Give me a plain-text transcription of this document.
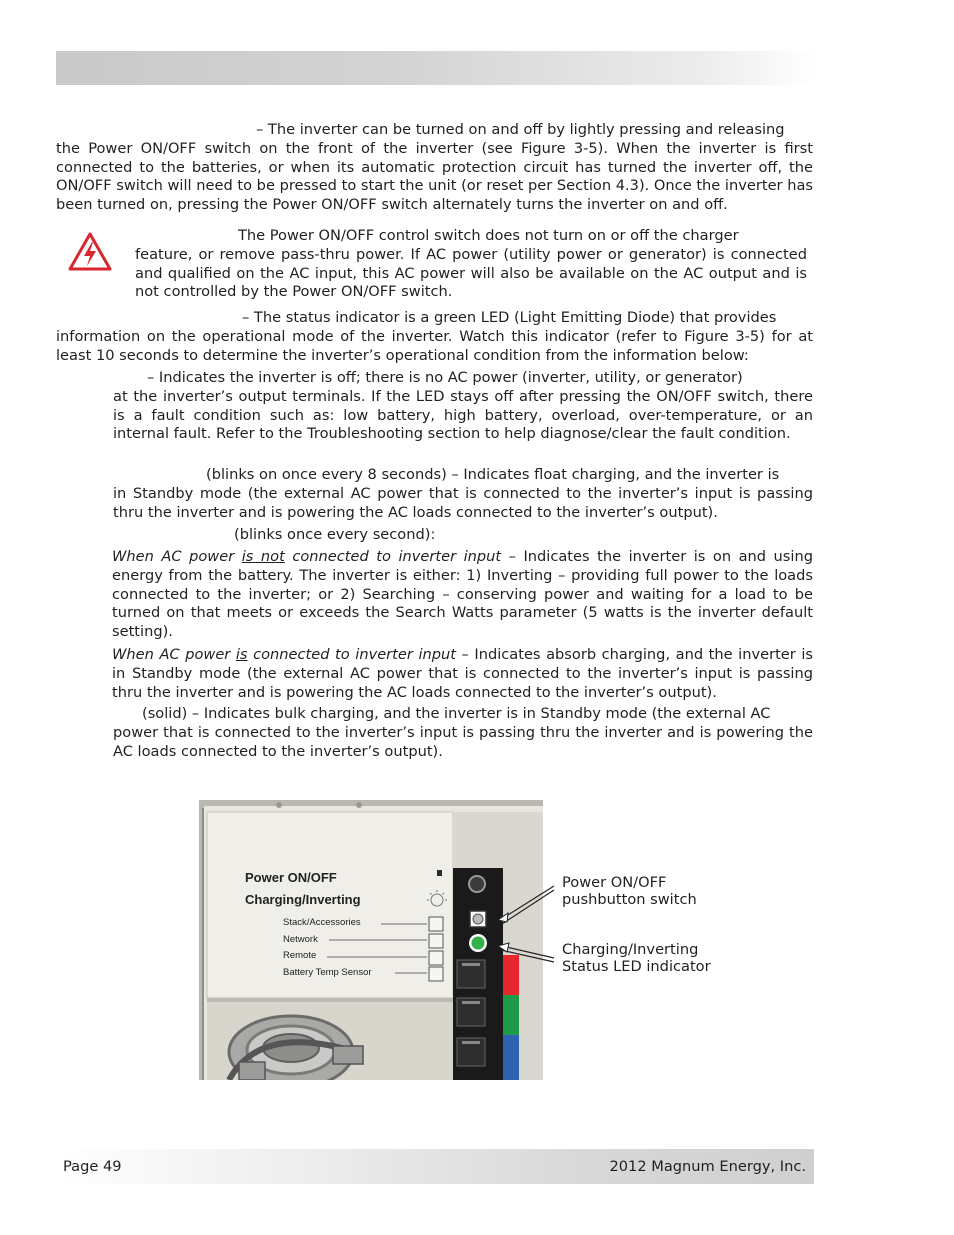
– The inverter can be turned on and off by lightly pressing and releasing

the Power ON/OFF switch on the front of the inverter (see Figure 3-5). When the inverter is first connected to the batteries, or when its automatic protection circuit has turned the inverter off, the ON/OFF switch will need to be pressed to start the unit (or reset per Section 4.3). Once the inverter has been turned on, pressing the Power ON/OFF switch alternately turns the inverter on and off.

The Power ON/OFF control switch does not turn on or off the charger

feature, or remove pass-thru power. If AC power (utility power or generator) is connected and qualified on the AC input, this AC power will also be available on the AC output and is not controlled by the Power ON/OFF switch.

– The status indicator is a green LED (Light Emitting Diode) that provides

information on the operational mode of the inverter. Watch this indicator (refer to Figure 3-5) for at least 10 seconds to determine the inverter’s operational condition from the information below:

– Indicates the inverter is off; there is no AC power (inverter, utility, or generator)

at the inverter’s output terminals. If the LED stays off after pressing the ON/OFF switch, there is a fault condition such as: low battery, high battery, overload, over-temperature, or an internal fault. Refer to the Troubleshooting section to help diagnose/clear the fault condition.

(blinks on once every 8 seconds) – Indicates float charging, and the inverter is

in Standby mode (the external AC power that is connected to the inverter’s input is passing thru the inverter and is powering the AC loads connected to the inverter’s output).

(blinks once every second):

When AC power is not connected to inverter input – Indicates the inverter is on and using energy from the battery. The inverter is either: 1) Inverting – providing full power to the loads connected to the inverter; or 2) Searching – conserving power and waiting for a load to be turned on that meets or exceeds the Search Watts parameter (5 watts is the inverter default setting).

When AC power is connected to inverter input – Indicates absorb charging, and the inverter is in Standby mode (the external AC power that is connected to the inverter’s input is passing thru the inverter and is powering the AC loads connected to the inverter’s output).

(solid) – Indicates bulk charging, and the inverter is in Standby mode (the external AC

power that is connected to the inverter’s input is passing thru the inverter and is powering the AC loads connected to the inverter’s output).

Power ON/OFF
Charging/Inverting
Stack/Accessories
Network
Remote
Battery Temp Sensor
Power ON/OFF
pushbutton switch
Charging/Inverting
Status LED indicator
Page 49	2012 Magnum Energy, Inc.
